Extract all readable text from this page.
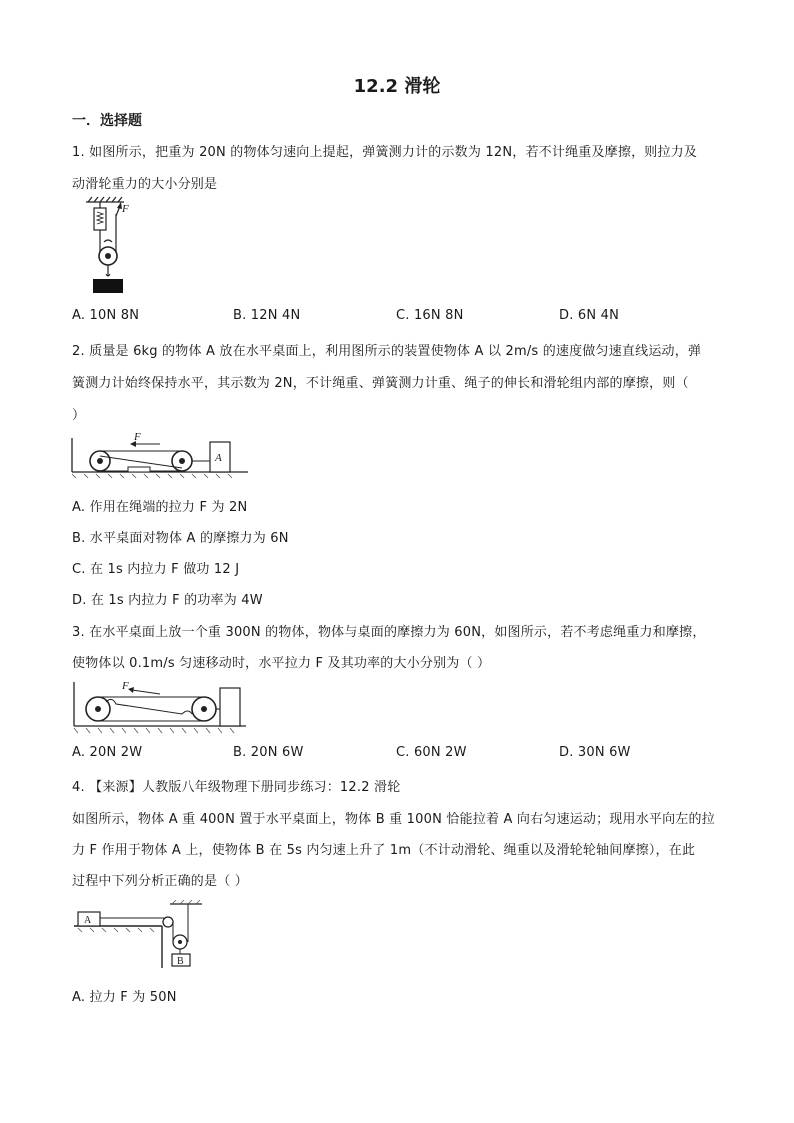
12.2 滑轮
一．选择题
1. 如图所示，把重为 20N 的物体匀速向上提起，弹簧测力计的示数为 12N，若不计绳重及摩擦，则拉力及
动滑轮重力的大小分别是
F
A. 10N 8N	B. 12N 4N	C. 16N 8N	D. 6N 4N
2. 质量是 6kg 的物体 A 放在水平桌面上，利用图所示的装置使物体 A 以 2m/s 的速度做匀速直线运动，弹
簧测力计始终保持水平，其示数为 2N，不计绳重、弹簧测力计重、绳子的伸长和滑轮组内部的摩擦，则（
）
F
A
A. 作用在绳端的拉力 F 为 2N
B. 水平桌面对物体 A 的摩擦力为 6N
C. 在 1s 内拉力 F 做功 12 J
D. 在 1s 内拉力 F 的功率为 4W
3. 在水平桌面上放一个重 300N 的物体，物体与桌面的摩擦力为 60N，如图所示，若不考虑绳重力和摩擦，
使物体以 0.1m/s 匀速移动时，水平拉力 F 及其功率的大小分别为（ ）
F
A. 20N 2W	B. 20N 6W	C. 60N 2W	D. 30N 6W
4. 【来源】人教版八年级物理下册同步练习：12.2 滑轮
如图所示，物体 A 重 400N 置于水平桌面上，物体 B 重 100N 恰能拉着 A 向右匀速运动；现用水平向左的拉
力 F 作用于物体 A 上，使物体 B 在 5s 内匀速上升了 1m（不计动滑轮、绳重以及滑轮轮轴间摩擦），在此
过程中下列分析正确的是（ ）
A
B
A. 拉力 F 为 50N
